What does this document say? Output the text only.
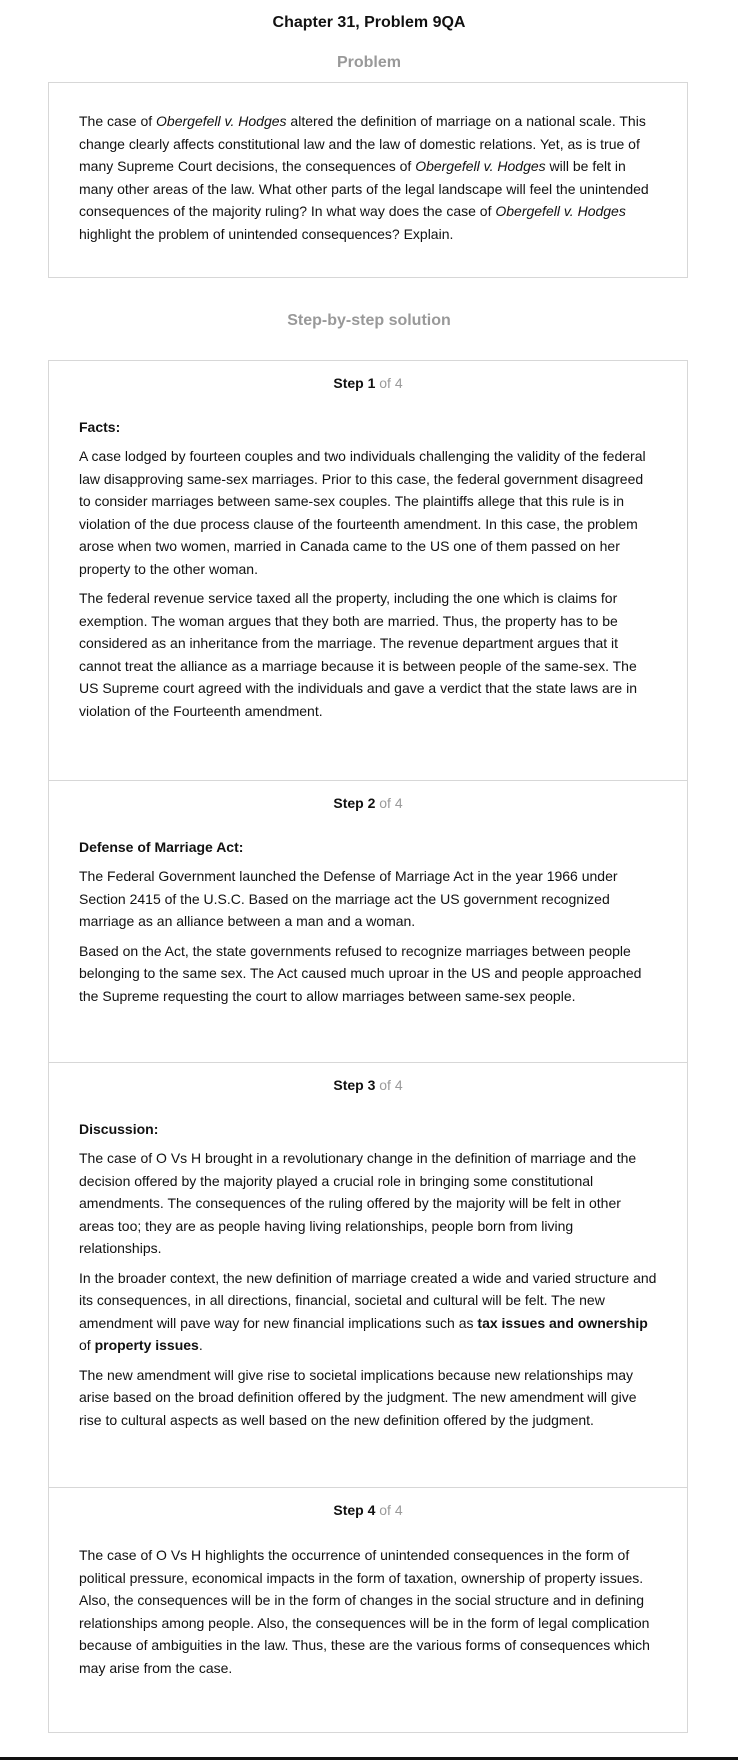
Chapter 31, Problem 9QA
Problem

The case of Obergefell v. Hodges altered the definition of marriage on a national scale. This change clearly affects constitutional law and the law of domestic relations. Yet, as is true of many Supreme Court decisions, the consequences of Obergefell v. Hodges will be felt in many other areas of the law. What other parts of the legal landscape will feel the unintended consequences of the majority ruling? In what way does the case of Obergefell v. Hodges highlight the problem of unintended consequences? Explain.

Step-by-step solution
Step 1 of 4
Facts:

A case lodged by fourteen couples and two individuals challenging the validity of the federal law disapproving same-sex marriages. Prior to this case, the federal government disagreed to consider marriages between same-sex couples. The plaintiffs allege that this rule is in violation of the due process clause of the fourteenth amendment. In this case, the problem arose when two women, married in Canada came to the US one of them passed on her property to the other woman.

The federal revenue service taxed all the property, including the one which is claims for exemption. The woman argues that they both are married. Thus, the property has to be considered as an inheritance from the marriage. The revenue department argues that it cannot treat the alliance as a marriage because it is between people of the same-sex. The US Supreme court agreed with the individuals and gave a verdict that the state laws are in violation of the Fourteenth amendment.

Step 2 of 4
Defense of Marriage Act:

The Federal Government launched the Defense of Marriage Act in the year 1966 under Section 2415 of the U.S.C. Based on the marriage act the US government recognized marriage as an alliance between a man and a woman.

Based on the Act, the state governments refused to recognize marriages between people belonging to the same sex. The Act caused much uproar in the US and people approached the Supreme requesting the court to allow marriages between same-sex people.

Step 3 of 4
Discussion:

The case of O Vs H brought in a revolutionary change in the definition of marriage and the decision offered by the majority played a crucial role in bringing some constitutional amendments. The consequences of the ruling offered by the majority will be felt in other areas too; they are as people having living relationships, people born from living relationships.

In the broader context, the new definition of marriage created a wide and varied structure and its consequences, in all directions, financial, societal and cultural will be felt. The new amendment will pave way for new financial implications such as tax issues and ownership of property issues.

The new amendment will give rise to societal implications because new relationships may arise based on the broad definition offered by the judgment. The new amendment will give rise to cultural aspects as well based on the new definition offered by the judgment.

Step 4 of 4

The case of O Vs H highlights the occurrence of unintended consequences in the form of political pressure, economical impacts in the form of taxation, ownership of property issues. Also, the consequences will be in the form of changes in the social structure and in defining relationships among people. Also, the consequences will be in the form of legal complication because of ambiguities in the law. Thus, these are the various forms of consequences which may arise from the case.
